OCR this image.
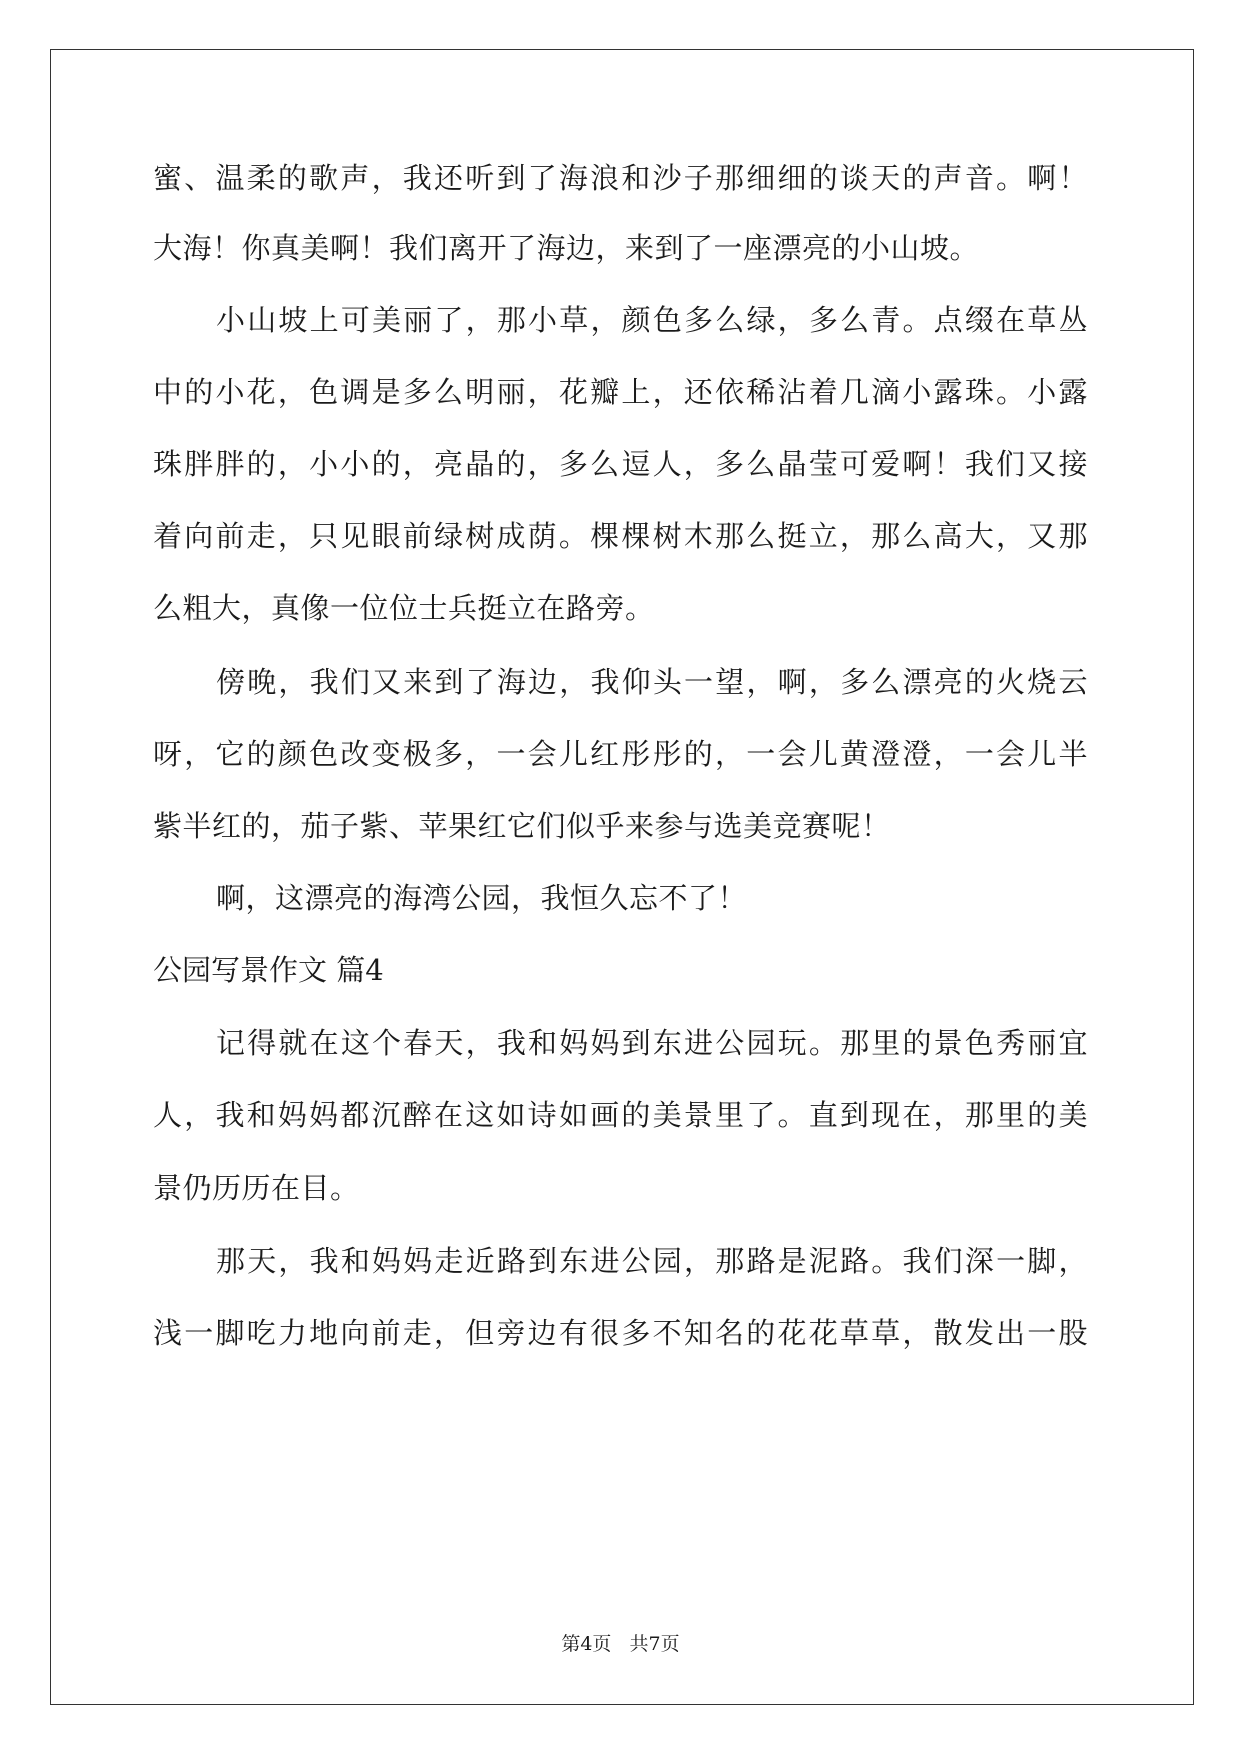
蜜、温柔的歌声，我还听到了海浪和沙子那细细的谈天的声音。啊！
大海！你真美啊！我们离开了海边，来到了一座漂亮的小山坡。
小山坡上可美丽了，那小草，颜色多么绿，多么青。点缀在草丛
中的小花，色调是多么明丽，花瓣上，还依稀沾着几滴小露珠。小露
珠胖胖的，小小的，亮晶的，多么逗人，多么晶莹可爱啊！我们又接
着向前走，只见眼前绿树成荫。棵棵树木那么挺立，那么高大，又那
么粗大，真像一位位士兵挺立在路旁。
傍晚，我们又来到了海边，我仰头一望，啊，多么漂亮的火烧云
呀，它的颜色改变极多，一会儿红彤彤的，一会儿黄澄澄，一会儿半
紫半红的，茄子紫、苹果红它们似乎来参与选美竞赛呢！
啊，这漂亮的海湾公园，我恒久忘不了！
公园写景作文 篇4
记得就在这个春天，我和妈妈到东进公园玩。那里的景色秀丽宜
人，我和妈妈都沉醉在这如诗如画的美景里了。直到现在，那里的美
景仍历历在目。
那天，我和妈妈走近路到东进公园，那路是泥路。我们深一脚，
浅一脚吃力地向前走，但旁边有很多不知名的花花草草，散发出一股
第4页   共7页
